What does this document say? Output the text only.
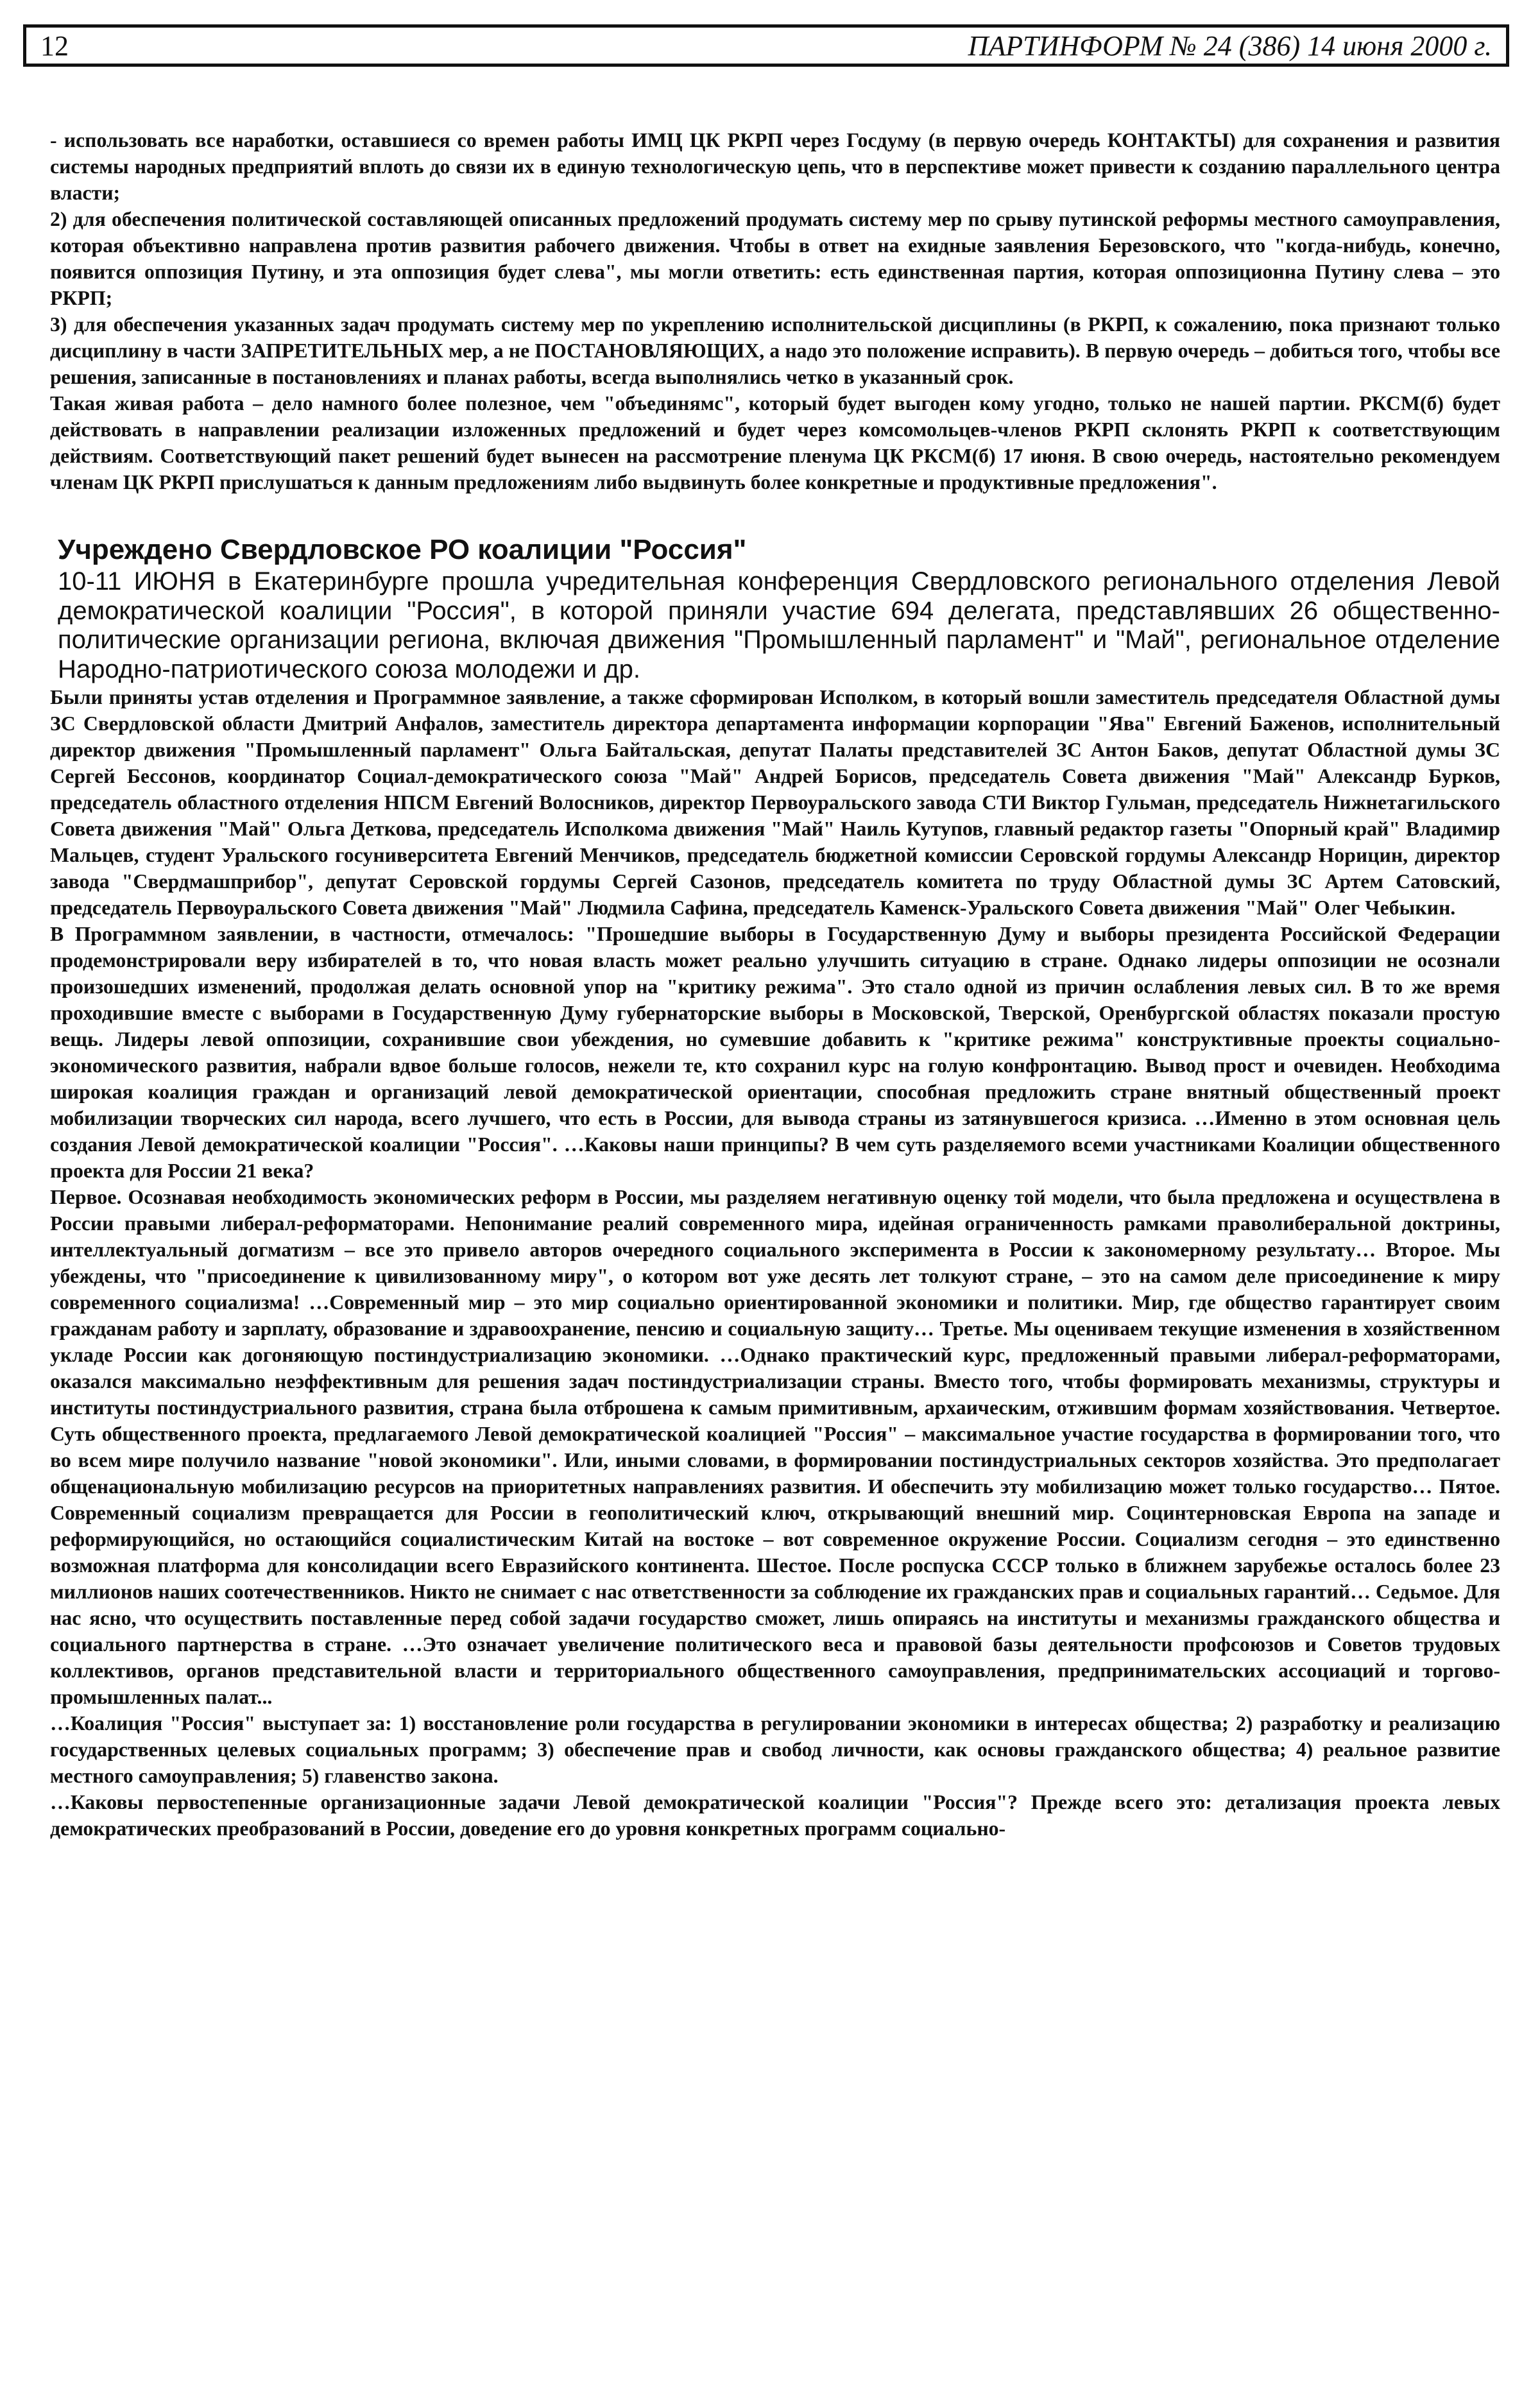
12	ПАРТИНФОРМ № 24 (386) 14 июня 2000 г.

- использовать все наработки, оставшиеся со времен работы ИМЦ ЦК РКРП через Госдуму (в первую очередь КОНТАКТЫ) для сохранения и развития системы народных предприятий вплоть до связи их в единую технологическую цепь, что в перспективе может привести к созданию параллельного центра власти;

2) для обеспечения политической составляющей описанных предложений продумать систему мер по срыву путинской реформы местного самоуправления, которая объективно направлена против развития рабочего движения. Чтобы в ответ на ехидные заявления Березовского, что "когда-нибудь, конечно, появится оппозиция Путину, и эта оппозиция будет слева", мы могли ответить: есть единственная партия, которая оппозиционна Путину слева – это РКРП;

3) для обеспечения указанных задач продумать систему мер по укреплению исполнительской дисциплины (в РКРП, к сожалению, пока признают только дисциплину в части ЗАПРЕТИТЕЛЬНЫХ мер, а не ПОСТАНОВЛЯЮЩИХ, а надо это положение исправить). В первую очередь – добиться того, чтобы все решения, записанные в постановлениях и планах работы, всегда выполнялись четко в указанный срок.

Такая живая работа – дело намного более полезное, чем "объединямс", который будет выгоден кому угодно, только не нашей партии. РКСМ(б) будет действовать в направлении реализации изложенных предложений и будет через комсомольцев-членов РКРП склонять РКРП к соответствующим действиям. Соответствующий пакет решений будет вынесен на рассмотрение пленума ЦК РКСМ(б) 17 июня. В свою очередь, настоятельно рекомендуем членам ЦК РКРП прислушаться к данным предложениям либо выдвинуть более конкретные и продуктивные предложения".

Учреждено Свердловское РО коалиции "Россия"

10-11 ИЮНЯ в Екатеринбурге прошла учредительная конференция Свердловского регионального отделения Левой демократической коалиции "Россия", в которой приняли участие 694 делегата, представлявших 26 общественно-политические организации региона, включая движения "Промышленный парламент" и "Май", региональное отделение Народно-патриотического союза молодежи и др.

Были приняты устав отделения и Программное заявление, а также сформирован Исполком, в который вошли заместитель председателя Областной думы ЗС Свердловской области Дмитрий Анфалов, заместитель директора департамента информации корпорации "Ява" Евгений Баженов, исполнительный директор движения "Промышленный парламент" Ольга Байтальская, депутат Палаты представителей ЗС Антон Баков, депутат Областной думы ЗС Сергей Бессонов, координатор Социал-демократического союза "Май" Андрей Борисов, председатель Совета движения "Май" Александр Бурков, председатель областного отделения НПСМ Евгений Волосников, директор Первоуральского завода СТИ Виктор Гульман, председатель Нижнетагильского Совета движения "Май" Ольга Деткова, председатель Исполкома движения "Май" Наиль Кутупов, главный редактор газеты "Опорный край" Владимир Мальцев, студент Уральского госуниверситета Евгений Менчиков, председатель бюджетной комиссии Серовской гордумы Александр Норицин, директор завода "Свердмашприбор", депутат Серовской гордумы Сергей Сазонов, председатель комитета по труду Областной думы ЗС Артем Сатовский, председатель Первоуральского Совета движения "Май" Людмила Сафина, председатель Каменск-Уральского Совета движения "Май" Олег Чебыкин.

В Программном заявлении, в частности, отмечалось: "Прошедшие выборы в Государственную Думу и выборы президента Российской Федерации продемонстрировали веру избирателей в то, что новая власть может реально улучшить ситуацию в стране. Однако лидеры оппозиции не осознали произошедших изменений, продолжая делать основной упор на "критику режима". Это стало одной из причин ослабления левых сил. В то же время проходившие вместе с выборами в Государственную Думу губернаторские выборы в Московской, Тверской, Оренбургской областях показали простую вещь. Лидеры левой оппозиции, сохранившие свои убеждения, но сумевшие добавить к "критике режима" конструктивные проекты социально-экономического развития, набрали вдвое больше голосов, нежели те, кто сохранил курс на голую конфронтацию. Вывод прост и очевиден. Необходима широкая коалиция граждан и организаций левой демократической ориентации, способная предложить стране внятный общественный проект мобилизации творческих сил народа, всего лучшего, что есть в России, для вывода страны из затянувшегося кризиса. …Именно в этом основная цель создания Левой демократической коалиции "Россия". …Каковы наши принципы? В чем суть разделяемого всеми участниками Коалиции общественного проекта для России 21 века?

Первое. Осознавая необходимость экономических реформ в России, мы разделяем негативную оценку той модели, что была предложена и осуществлена в России правыми либерал-реформаторами. Непонимание реалий современного мира, идейная ограниченность рамками праволиберальной доктрины, интеллектуальный догматизм – все это привело авторов очередного социального эксперимента в России к закономерному результату… Второе. Мы убеждены, что "присоединение к цивилизованному миру", о котором вот уже десять лет толкуют стране, – это на самом деле присоединение к миру современного социализма! …Современный мир – это мир социально ориентированной экономики и политики. Мир, где общество гарантирует своим гражданам работу и зарплату, образование и здравоохранение, пенсию и социальную защиту… Третье. Мы оцениваем текущие изменения в хозяйственном укладе России как догоняющую постиндустриализацию экономики. …Однако практический курс, предложенный правыми либерал-реформаторами, оказался максимально неэффективным для решения задач постиндустриализации страны. Вместо того, чтобы формировать механизмы, структуры и институты постиндустриального развития, страна была отброшена к самым примитивным, архаическим, отжившим формам хозяйствования. Четвертое. Суть общественного проекта, предлагаемого Левой демократической коалицией "Россия" – максимальное участие государства в формировании того, что во всем мире получило название "новой экономики". Или, иными словами, в формировании постиндустриальных секторов хозяйства. Это предполагает общенациональную мобилизацию ресурсов на приоритетных направлениях развития. И обеспечить эту мобилизацию может только государство… Пятое. Современный социализм превращается для России в геополитический ключ, открывающий внешний мир. Социнтерновская Европа на западе и реформирующийся, но остающийся социалистическим Китай на востоке – вот современное окружение России. Социализм сегодня – это единственно возможная платформа для консолидации всего Евразийского континента. Шестое. После роспуска СССР только в ближнем зарубежье осталось более 23 миллионов наших соотечественников. Никто не снимает с нас ответственности за соблюдение их гражданских прав и социальных гарантий… Седьмое. Для нас ясно, что осуществить поставленные перед собой задачи государство сможет, лишь опираясь на институты и механизмы гражданского общества и социального партнерства в стране. …Это означает увеличение политического веса и правовой базы деятельности профсоюзов и Советов трудовых коллективов, органов представительной власти и территориального общественного самоуправления, предпринимательских ассоциаций и торгово-промышленных палат...

…Коалиция "Россия" выступает за: 1) восстановление роли государства в регулировании экономики в интересах общества; 2) разработку и реализацию государственных целевых социальных программ; 3) обеспечение прав и свобод личности, как основы гражданского общества; 4) реальное развитие местного самоуправления; 5) главенство закона.

…Каковы первостепенные организационные задачи Левой демократической коалиции "Россия"? Прежде всего это: детализация проекта левых демократических преобразований в России, доведение его до уровня конкретных программ социально-
